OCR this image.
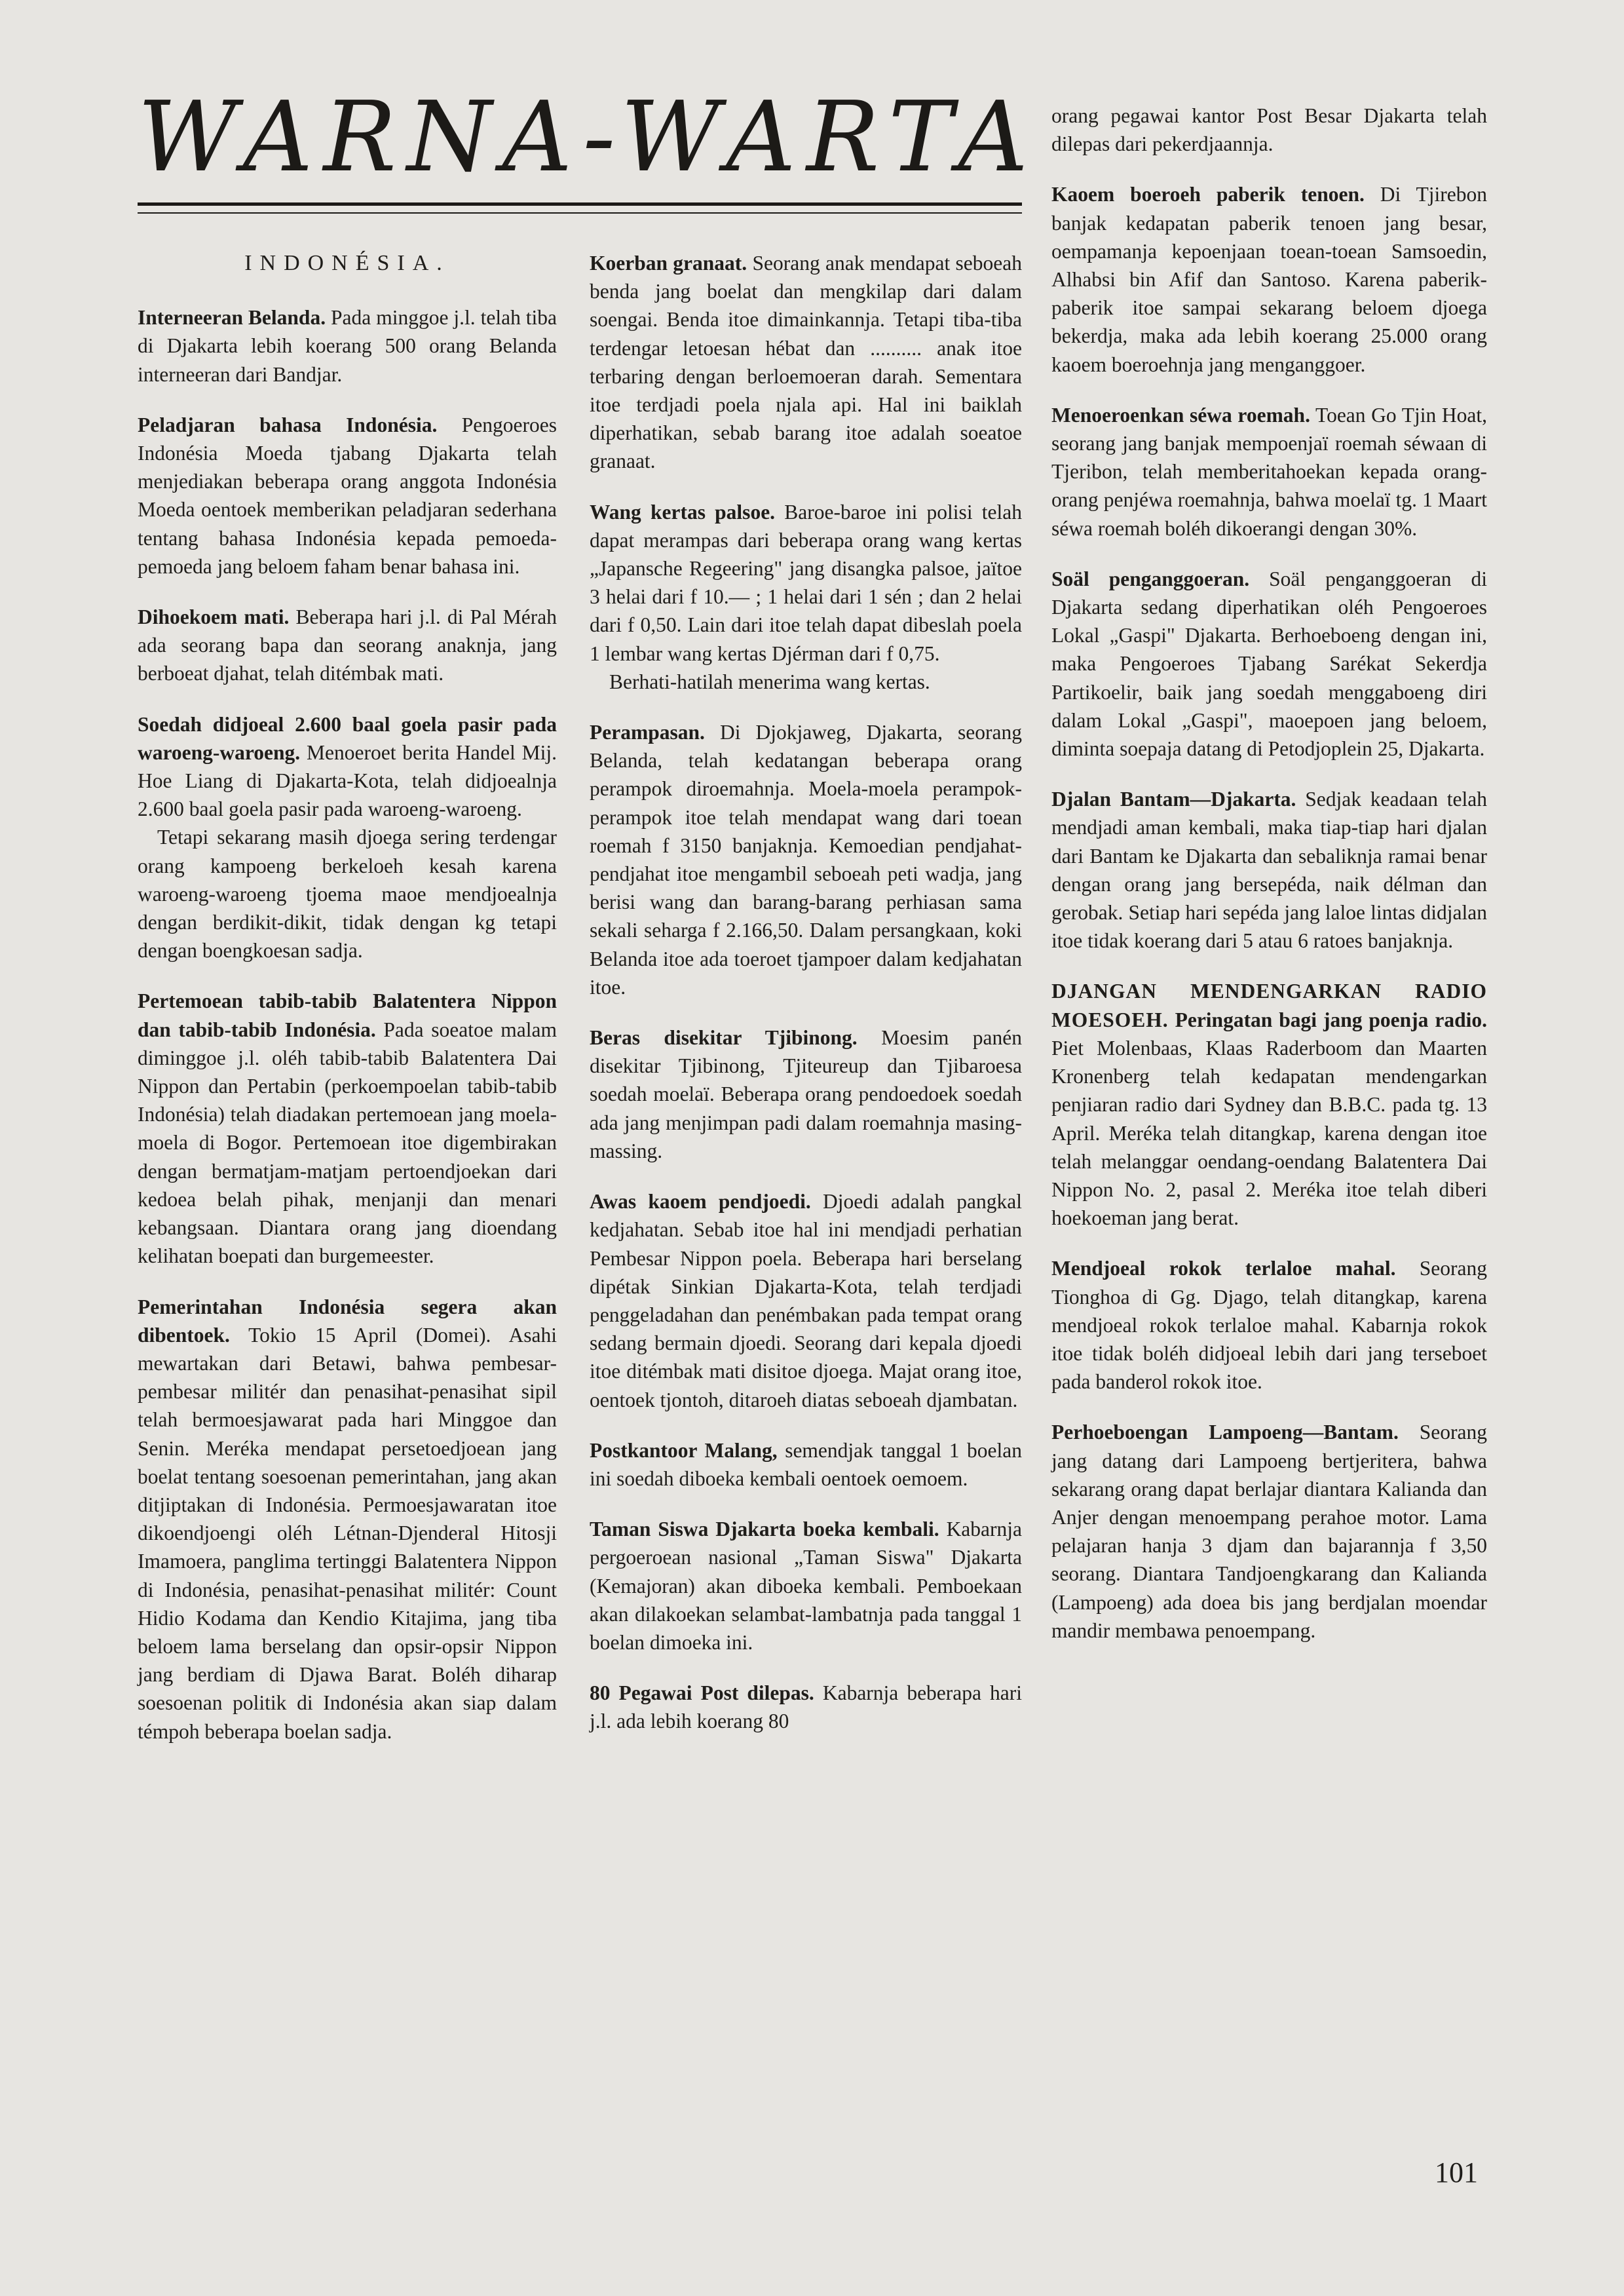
WARNA-WARTA
INDONÉSIA.

Interneeran Belanda. Pada minggoe j.l. telah tiba di Djakarta lebih koerang 500 orang Belanda interneeran dari Bandjar.

Peladjaran bahasa Indonésia. Pengoeroes Indonésia Moeda tjabang Djakarta telah menjediakan beberapa orang anggota Indonésia Moeda oentoek memberikan peladjaran sederhana tentang bahasa Indonésia kepada pemoeda-pemoeda jang beloem faham benar bahasa ini.

Dihoekoem mati. Beberapa hari j.l. di Pal Mérah ada seorang bapa dan seorang anaknja, jang berboeat djahat, telah ditémbak mati.

Soedah didjoeal 2.600 baal goela pasir pada waroeng-waroeng. Menoeroet berita Handel Mij. Hoe Liang di Djakarta-Kota, telah didjoealnja 2.600 baal goela pasir pada waroeng-waroeng.

Tetapi sekarang masih djoega sering terdengar orang kampoeng berkeloeh kesah karena waroeng-waroeng tjoema maoe mendjoealnja dengan berdikit-dikit, tidak dengan kg tetapi dengan boengkoesan sadja.

Pertemoean tabib-tabib Balatentera Nippon dan tabib-tabib Indonésia. Pada soeatoe malam diminggoe j.l. oléh tabib-tabib Balatentera Dai Nippon dan Pertabin (perkoempoelan tabib-tabib Indonésia) telah diadakan pertemoean jang moela-moela di Bogor. Pertemoean itoe digembirakan dengan bermatjam-matjam pertoendjoekan dari kedoea belah pihak, menjanji dan menari kebangsaan. Diantara orang jang dioendang kelihatan boepati dan burgemeester.

Pemerintahan Indonésia segera akan dibentoek. Tokio 15 April (Domei). Asahi mewartakan dari Betawi, bahwa pembesar-pembesar militér dan penasihat-penasihat sipil telah bermoesjawarat pada hari Minggoe dan Senin. Meréka mendapat persetoedjoean jang boelat tentang soesoenan pemerintahan, jang akan ditjiptakan di Indonésia. Permoesjawaratan itoe dikoendjoengi oléh Létnan-Djenderal Hitosji Imamoera, panglima tertinggi Balatentera Nippon di Indonésia, penasihat-penasihat militér: Count Hidio Kodama dan Kendio Kitajima, jang tiba beloem lama berselang dan opsir-opsir Nippon jang berdiam di Djawa Barat. Boléh diharap soesoenan politik di Indonésia akan siap dalam témpoh beberapa boelan sadja.

Koerban granaat. Seorang anak mendapat seboeah benda jang boelat dan mengkilap dari dalam soengai. Benda itoe dimainkannja. Tetapi tiba-tiba terdengar letoesan hébat dan .......... anak itoe terbaring dengan berloemoeran darah. Sementara itoe terdjadi poela njala api. Hal ini baiklah diperhatikan, sebab barang itoe adalah soeatoe granaat.

Wang kertas palsoe. Baroe-baroe ini polisi telah dapat merampas dari beberapa orang wang kertas „Japansche Regeering" jang disangka palsoe, jaïtoe 3 helai dari f 10.— ; 1 helai dari 1 sén ; dan 2 helai dari f 0,50. Lain dari itoe telah dapat dibeslah poela 1 lembar wang kertas Djérman dari f 0,75.

Berhati-hatilah menerima wang kertas.

Perampasan. Di Djokjaweg, Djakarta, seorang Belanda, telah kedatangan beberapa orang perampok diroemahnja. Moela-moela perampok-perampok itoe telah mendapat wang dari toean roemah f 3150 banjaknja. Kemoedian pendjahat-pendjahat itoe mengambil seboeah peti wadja, jang berisi wang dan barang-barang perhiasan sama sekali seharga f 2.166,50. Dalam persangkaan, koki Belanda itoe ada toeroet tjampoer dalam kedjahatan itoe.

Beras disekitar Tjibinong. Moesim panén disekitar Tjibinong, Tjiteureup dan Tjibaroesa soedah moelaï. Beberapa orang pendoedoek soedah ada jang menjimpan padi dalam roemahnja masing-massing.

Awas kaoem pendjoedi. Djoedi adalah pangkal kedjahatan. Sebab itoe hal ini mendjadi perhatian Pembesar Nippon poela. Beberapa hari berselang dipétak Sinkian Djakarta-Kota, telah terdjadi penggeladahan dan penémbakan pada tempat orang sedang bermain djoedi. Seorang dari kepala djoedi itoe ditémbak mati disitoe djoega. Majat orang itoe, oentoek tjontoh, ditaroeh diatas seboeah djambatan.

Postkantoor Malang, semendjak tanggal 1 boelan ini soedah diboeka kembali oentoek oemoem.

Taman Siswa Djakarta boeka kembali. Kabarnja pergoeroean nasional „Taman Siswa" Djakarta (Kemajoran) akan diboeka kembali. Pemboekaan akan dilakoekan selambat-lambatnja pada tanggal 1 boelan dimoeka ini.

80 Pegawai Post dilepas. Kabarnja beberapa hari j.l. ada lebih koerang 80

orang pegawai kantor Post Besar Djakarta telah dilepas dari pekerdjaannja.

Kaoem boeroeh paberik tenoen. Di Tjirebon banjak kedapatan paberik tenoen jang besar, oempamanja kepoenjaan toean-toean Samsoedin, Alhabsi bin Afif dan Santoso. Karena paberik-paberik itoe sampai sekarang beloem djoega bekerdja, maka ada lebih koerang 25.000 orang kaoem boeroehnja jang menganggoer.

Menoeroenkan séwa roemah. Toean Go Tjin Hoat, seorang jang banjak mempoenjaï roemah séwaan di Tjeribon, telah memberitahoekan kepada orang-orang penjéwa roemahnja, bahwa moelaï tg. 1 Maart séwa roemah boléh dikoerangi dengan 30%.

Soäl penganggoeran. Soäl penganggoeran di Djakarta sedang diperhatikan oléh Pengoeroes Lokal „Gaspi" Djakarta. Berhoeboeng dengan ini, maka Pengoeroes Tjabang Sarékat Sekerdja Partikoelir, baik jang soedah menggaboeng diri dalam Lokal „Gaspi", maoepoen jang beloem, diminta soepaja datang di Petodjoplein 25, Djakarta.

Djalan Bantam—Djakarta. Sedjak keadaan telah mendjadi aman kembali, maka tiap-tiap hari djalan dari Bantam ke Djakarta dan sebaliknja ramai benar dengan orang jang bersepéda, naik délman dan gerobak. Setiap hari sepéda jang laloe lintas didjalan itoe tidak koerang dari 5 atau 6 ratoes banjaknja.

DJANGAN MENDENGARKAN RADIO MOESOEH. Peringatan bagi jang poenja radio. Piet Molenbaas, Klaas Raderboom dan Maarten Kronenberg telah kedapatan mendengarkan penjiaran radio dari Sydney dan B.B.C. pada tg. 13 April. Meréka telah ditangkap, karena dengan itoe telah melanggar oendang-oendang Balatentera Dai Nippon No. 2, pasal 2. Meréka itoe telah diberi hoekoeman jang berat.

Mendjoeal rokok terlaloe mahal. Seorang Tionghoa di Gg. Djago, telah ditangkap, karena mendjoeal rokok terlaloe mahal. Kabarnja rokok itoe tidak boléh didjoeal lebih dari jang terseboet pada banderol rokok itoe.

Perhoeboengan Lampoeng—Bantam. Seorang jang datang dari Lampoeng bertjeritera, bahwa sekarang orang dapat berlajar diantara Kalianda dan Anjer dengan menoempang perahoe motor. Lama pelajaran hanja 3 djam dan bajarannja f 3,50 seorang. Diantara Tandjoengkarang dan Kalianda (Lampoeng) ada doea bis jang berdjalan moendar mandir membawa penoempang.

101
